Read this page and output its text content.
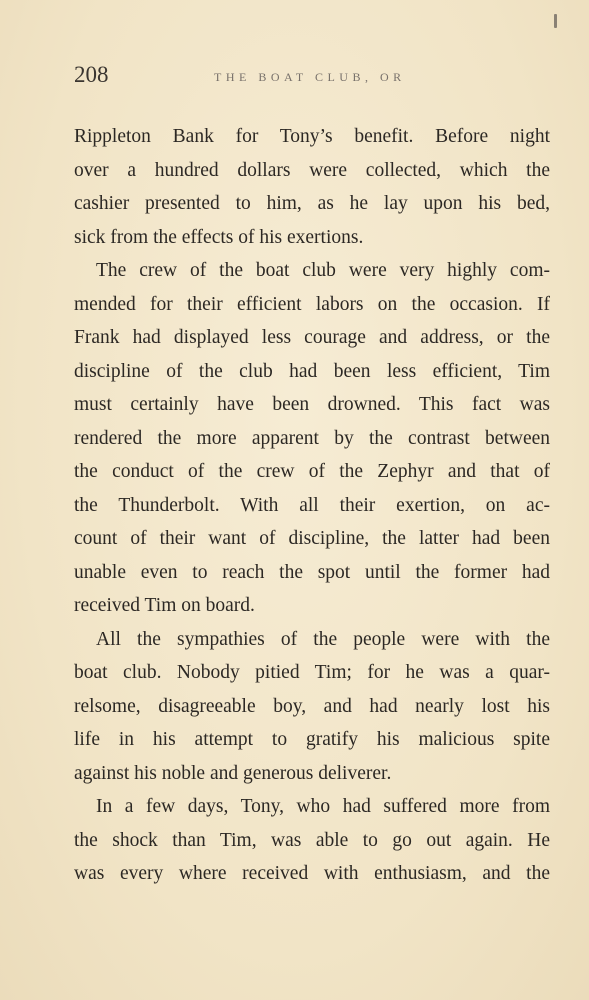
208	THE BOAT CLUB, OR
Rippleton Bank for Tony’s benefit. Before night
over a hundred dollars were collected, which the
cashier presented to him, as he lay upon his bed,
sick from the effects of his exertions.
The crew of the boat club were very highly com-
mended for their efficient labors on the occasion. If
Frank had displayed less courage and address, or the
discipline of the club had been less efficient, Tim
must certainly have been drowned. This fact was
rendered the more apparent by the contrast between
the conduct of the crew of the Zephyr and that of
the Thunderbolt. With all their exertion, on ac-
count of their want of discipline, the latter had been
unable even to reach the spot until the former had
received Tim on board.
All the sympathies of the people were with the
boat club. Nobody pitied Tim; for he was a quar-
relsome, disagreeable boy, and had nearly lost his
life in his attempt to gratify his malicious spite
against his noble and generous deliverer.
In a few days, Tony, who had suffered more from
the shock than Tim, was able to go out again. He
was every where received with enthusiasm, and the
